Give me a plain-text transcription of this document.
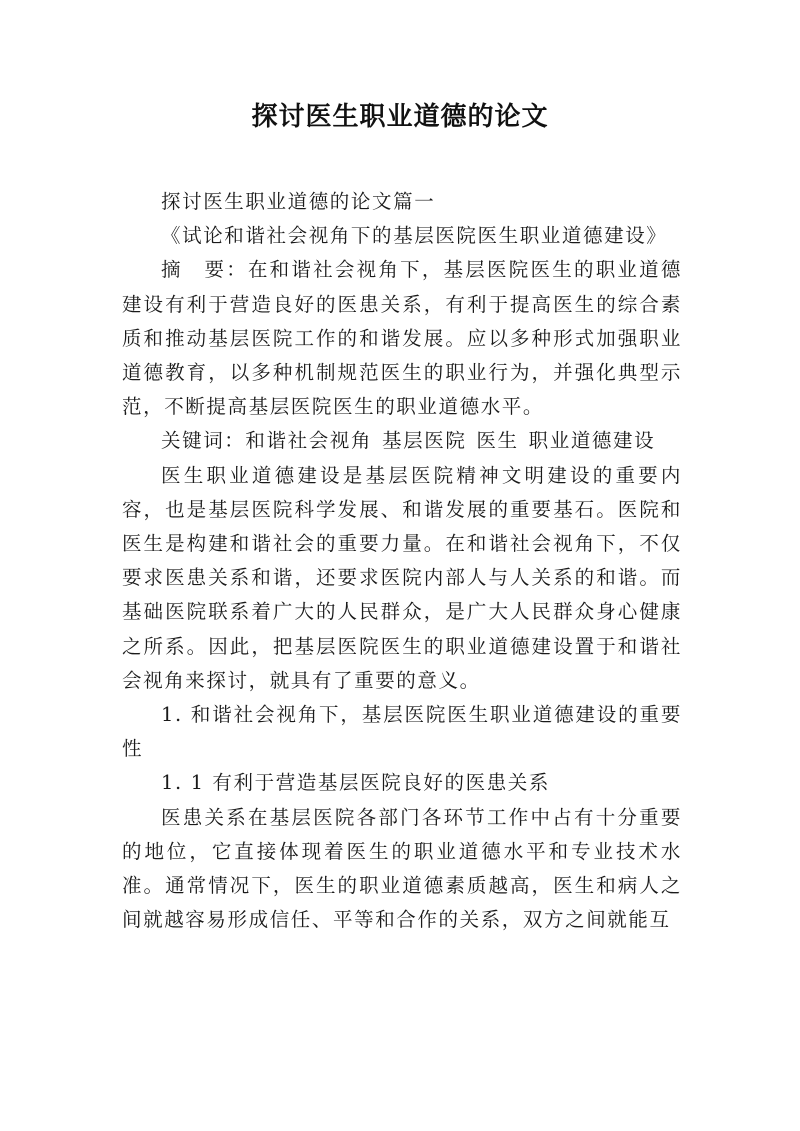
探讨医生职业道德的论文

探讨医生职业道德的论文篇一

《试论和谐社会视角下的基层医院医生职业道德建设》

摘　要：在和谐社会视角下，基层医院医生的职业道德建设有利于营造良好的医患关系，有利于提高医生的综合素质和推动基层医院工作的和谐发展。应以多种形式加强职业道德教育，以多种机制规范医生的职业行为，并强化典型示范，不断提高基层医院医生的职业道德水平。

关键词：和谐社会视角 基层医院 医生 职业道德建设

医生职业道德建设是基层医院精神文明建设的重要内容，也是基层医院科学发展、和谐发展的重要基石。医院和医生是构建和谐社会的重要力量。在和谐社会视角下，不仅要求医患关系和谐，还要求医院内部人与人关系的和谐。而基础医院联系着广大的人民群众，是广大人民群众身心健康之所系。因此，把基层医院医生的职业道德建设置于和谐社会视角来探讨，就具有了重要的意义。

1. 和谐社会视角下，基层医院医生职业道德建设的重要性

1. 1 有利于营造基层医院良好的医患关系

医患关系在基层医院各部门各环节工作中占有十分重要的地位，它直接体现着医生的职业道德水平和专业技术水准。通常情况下，医生的职业道德素质越高，医生和病人之间就越容易形成信任、平等和合作的关系，双方之间就能互
